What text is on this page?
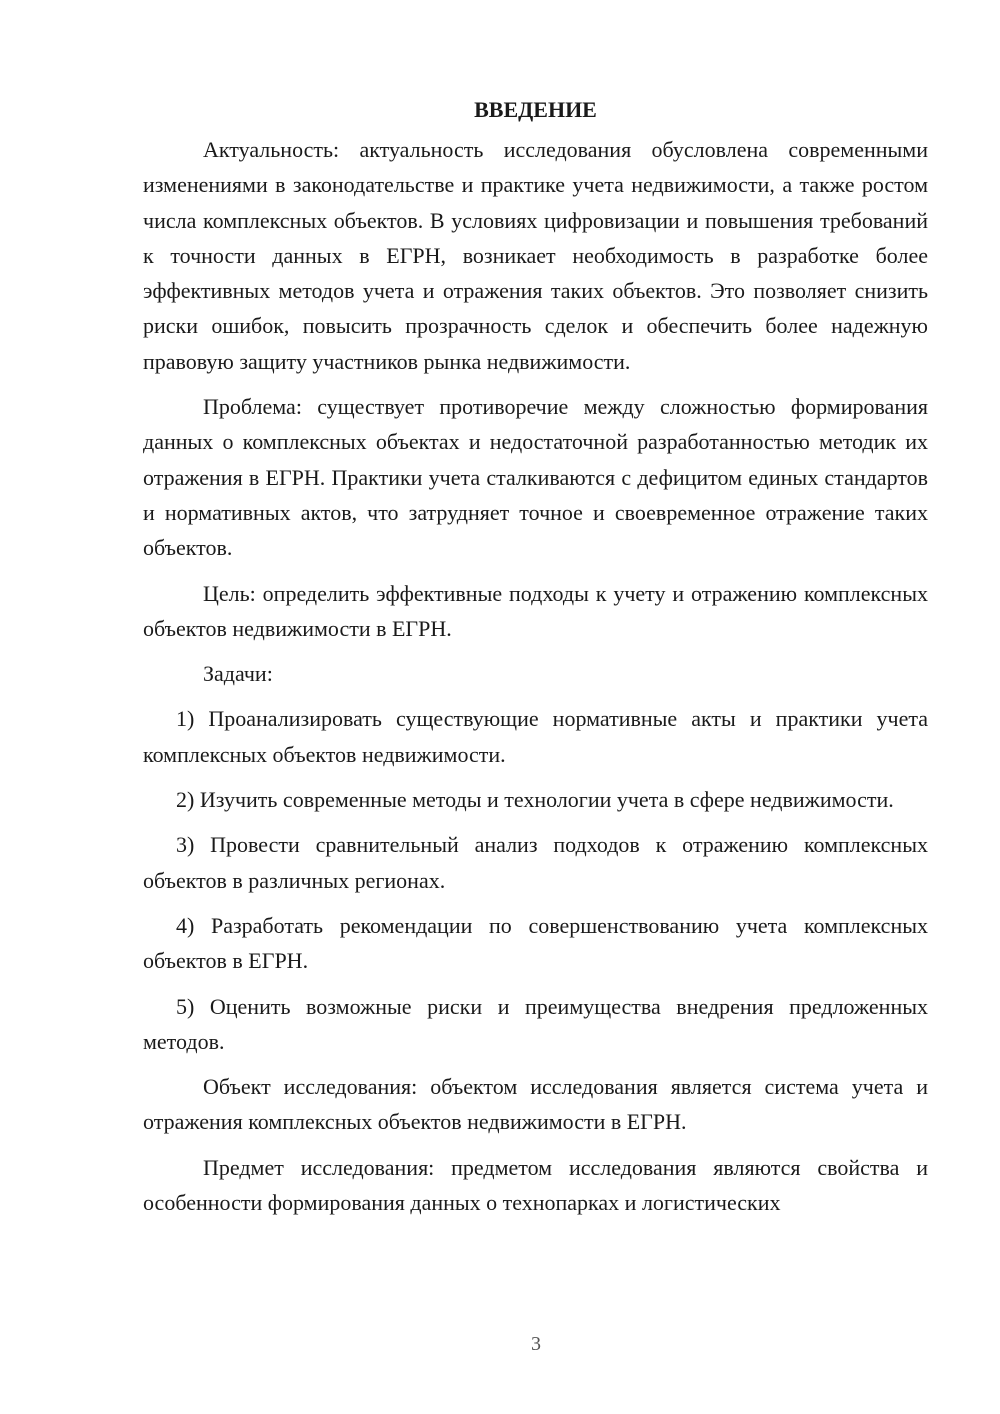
ВВЕДЕНИЕ

Актуальность: актуальность исследования обусловлена современными изменениями в законодательстве и практике учета недвижимости, а также ростом числа комплексных объектов. В условиях цифровизации и повышения требований к точности данных в ЕГРН, возникает необходимость в разработке более эффективных методов учета и отражения таких объектов. Это позволяет снизить риски ошибок, повысить прозрачность сделок и обеспечить более надежную правовую защиту участников рынка недвижимости.

Проблема: существует противоречие между сложностью формирования данных о комплексных объектах и недостаточной разработанностью методик их отражения в ЕГРН. Практики учета сталкиваются с дефицитом единых стандартов и нормативных актов, что затрудняет точное и своевременное отражение таких объектов.

Цель: определить эффективные подходы к учету и отражению комплексных объектов недвижимости в ЕГРН.

Задачи:

1) Проанализировать существующие нормативные акты и практики учета комплексных объектов недвижимости.

2) Изучить современные методы и технологии учета в сфере недвижимости.

3) Провести сравнительный анализ подходов к отражению комплексных объектов в различных регионах.

4) Разработать рекомендации по совершенствованию учета комплексных объектов в ЕГРН.

5) Оценить возможные риски и преимущества внедрения предложенных методов.

Объект исследования: объектом исследования является система учета и отражения комплексных объектов недвижимости в ЕГРН.

Предмет исследования: предметом исследования являются свойства и особенности формирования данных о технопарках и логистических

3
